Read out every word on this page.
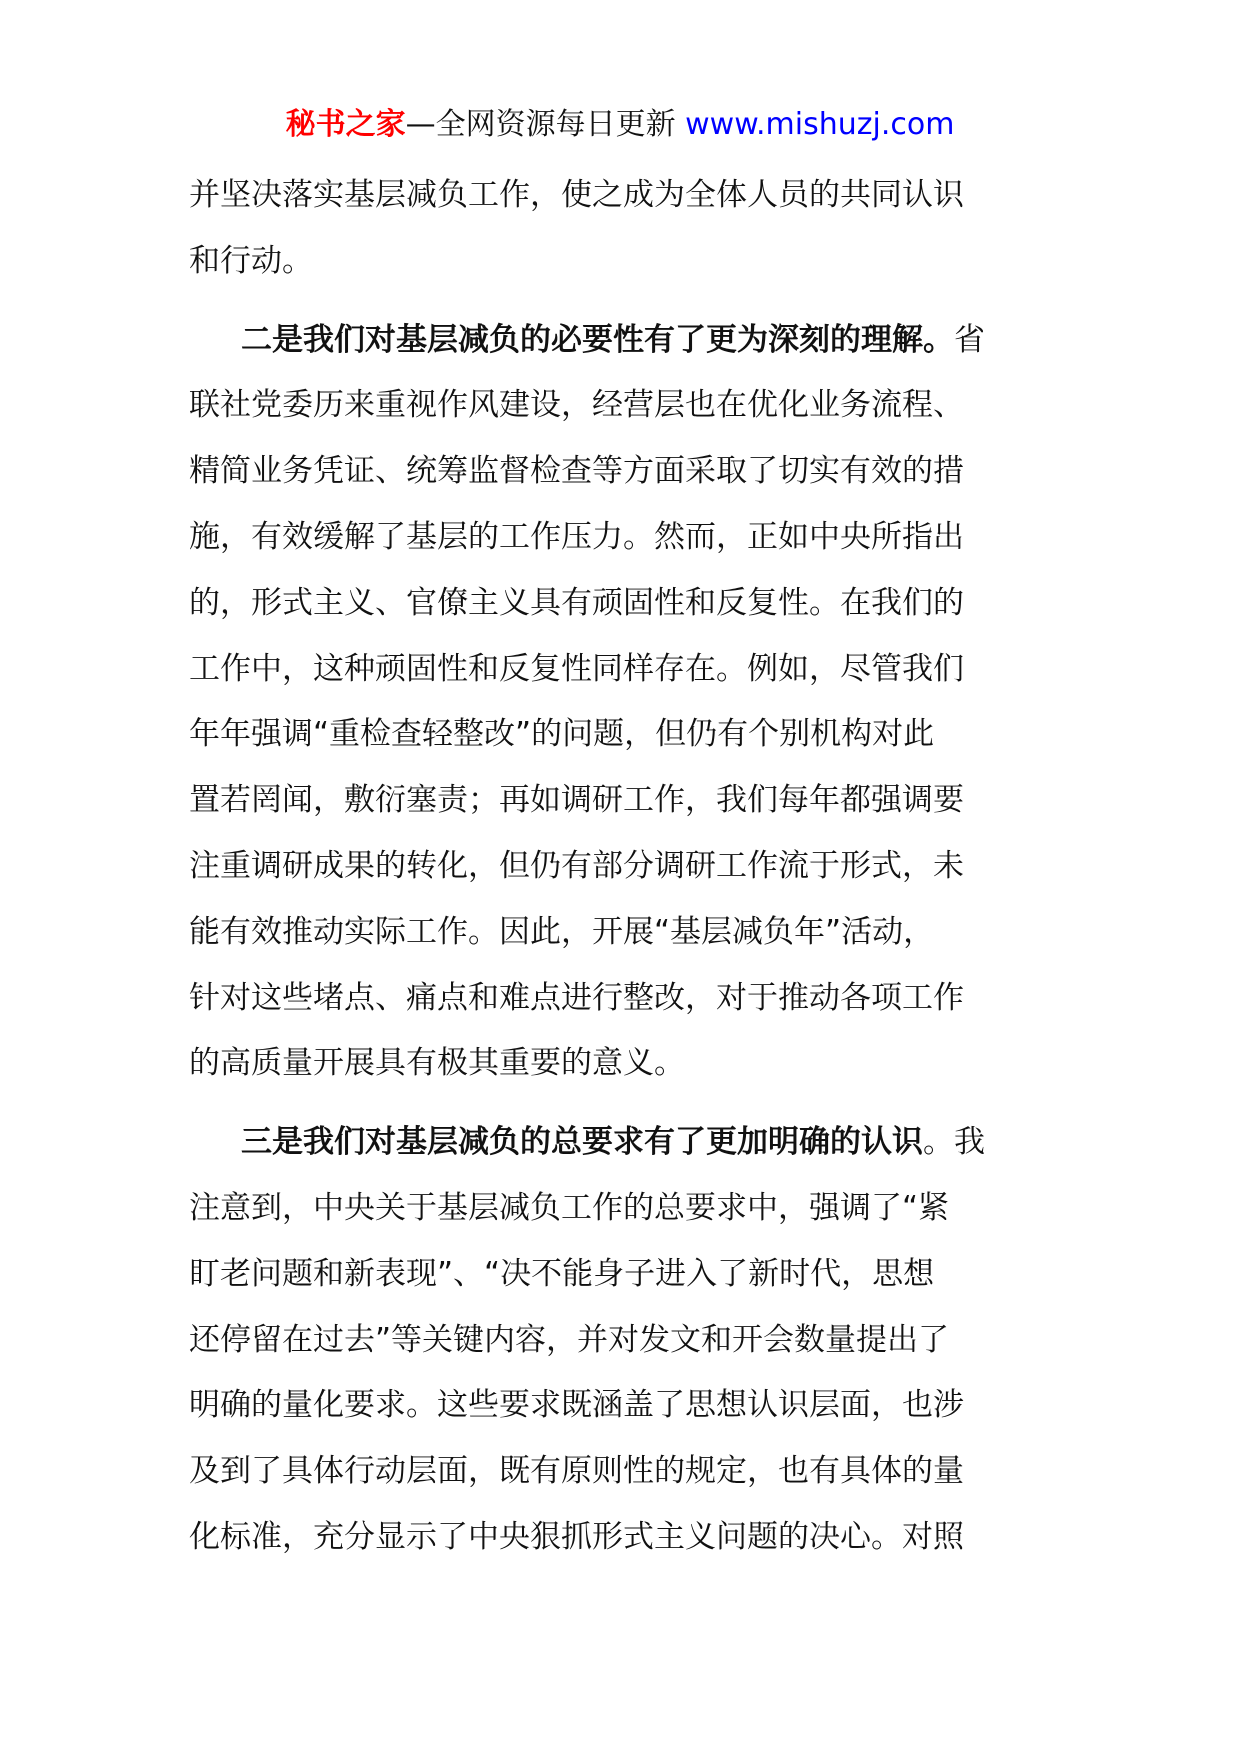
秘书之家—全网资源每日更新 www.mishuzj.com

并坚决落实基层减负工作，使之成为全体人员的共同认识
和行动。

二是我们对基层减负的必要性有了更为深刻的理解。省
联社党委历来重视作风建设，经营层也在优化业务流程、
精简业务凭证、统筹监督检查等方面采取了切实有效的措
施，有效缓解了基层的工作压力。然而，正如中央所指出
的，形式主义、官僚主义具有顽固性和反复性。在我们的
工作中，这种顽固性和反复性同样存在。例如，尽管我们
年年强调“重检查轻整改”的问题，但仍有个别机构对此
置若罔闻，敷衍塞责；再如调研工作，我们每年都强调要
注重调研成果的转化，但仍有部分调研工作流于形式，未
能有效推动实际工作。因此，开展“基层减负年”活动，
针对这些堵点、痛点和难点进行整改，对于推动各项工作
的高质量开展具有极其重要的意义。

三是我们对基层减负的总要求有了更加明确的认识。我
注意到，中央关于基层减负工作的总要求中，强调了“紧
盯老问题和新表现”、“决不能身子进入了新时代，思想
还停留在过去”等关键内容，并对发文和开会数量提出了
明确的量化要求。这些要求既涵盖了思想认识层面，也涉
及到了具体行动层面，既有原则性的规定，也有具体的量
化标准，充分显示了中央狠抓形式主义问题的决心。对照
